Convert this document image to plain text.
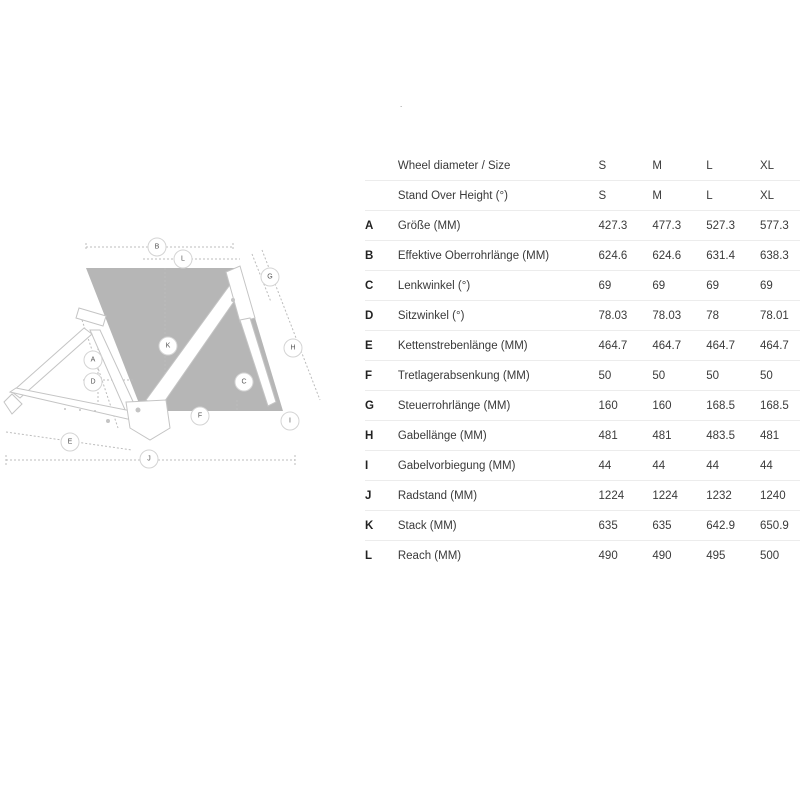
B
L
G
K	H
A
D	C
F
I
E
J
.
	Wheel diameter / Size	S	M	L	XL
	Stand Over Height (°)	S	M	L	XL
A	Größe (MM)	427.3	477.3	527.3	577.3
B	Effektive Oberrohrlänge (MM)	624.6	624.6	631.4	638.3
C	Lenkwinkel (°)	69	69	69	69
D	Sitzwinkel (°)	78.03	78.03	78	78.01
E	Kettenstrebenlänge (MM)	464.7	464.7	464.7	464.7
F	Tretlagerabsenkung (MM)	50	50	50	50
G	Steuerrohrlänge (MM)	160	160	168.5	168.5
H	Gabellänge (MM)	481	481	483.5	481
I	Gabelvorbiegung (MM)	44	44	44	44
J	Radstand (MM)	1224	1224	1232	1240
K	Stack (MM)	635	635	642.9	650.9
L	Reach (MM)	490	490	495	500
